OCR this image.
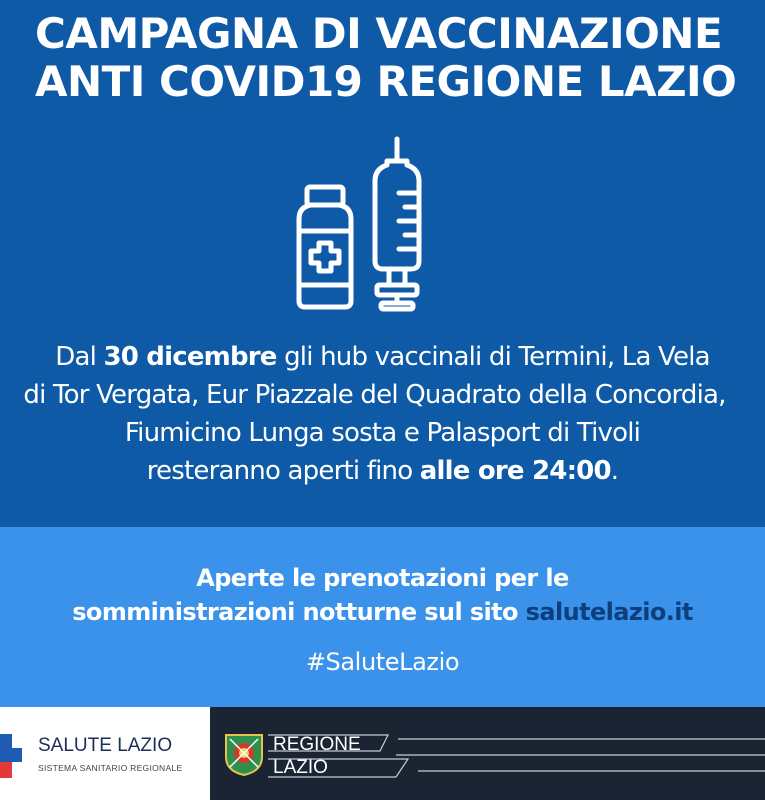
CAMPAGNA DI VACCINAZIONE
ANTI COVID19 REGIONE LAZIO
Dal 30 dicembre gli hub vaccinali di Termini, La Vela
di Tor Vergata, Eur Piazzale del Quadrato della Concordia,
Fiumicino Lunga sosta e Palasport di Tivoli
resteranno aperti fino alle ore 24:00.
Aperte le prenotazioni per le
somministrazioni notturne sul sito salutelazio.it
#SaluteLazio
SALUTE LAZIO
SISTEMA SANITARIO REGIONALE
REGIONE
LAZIO
